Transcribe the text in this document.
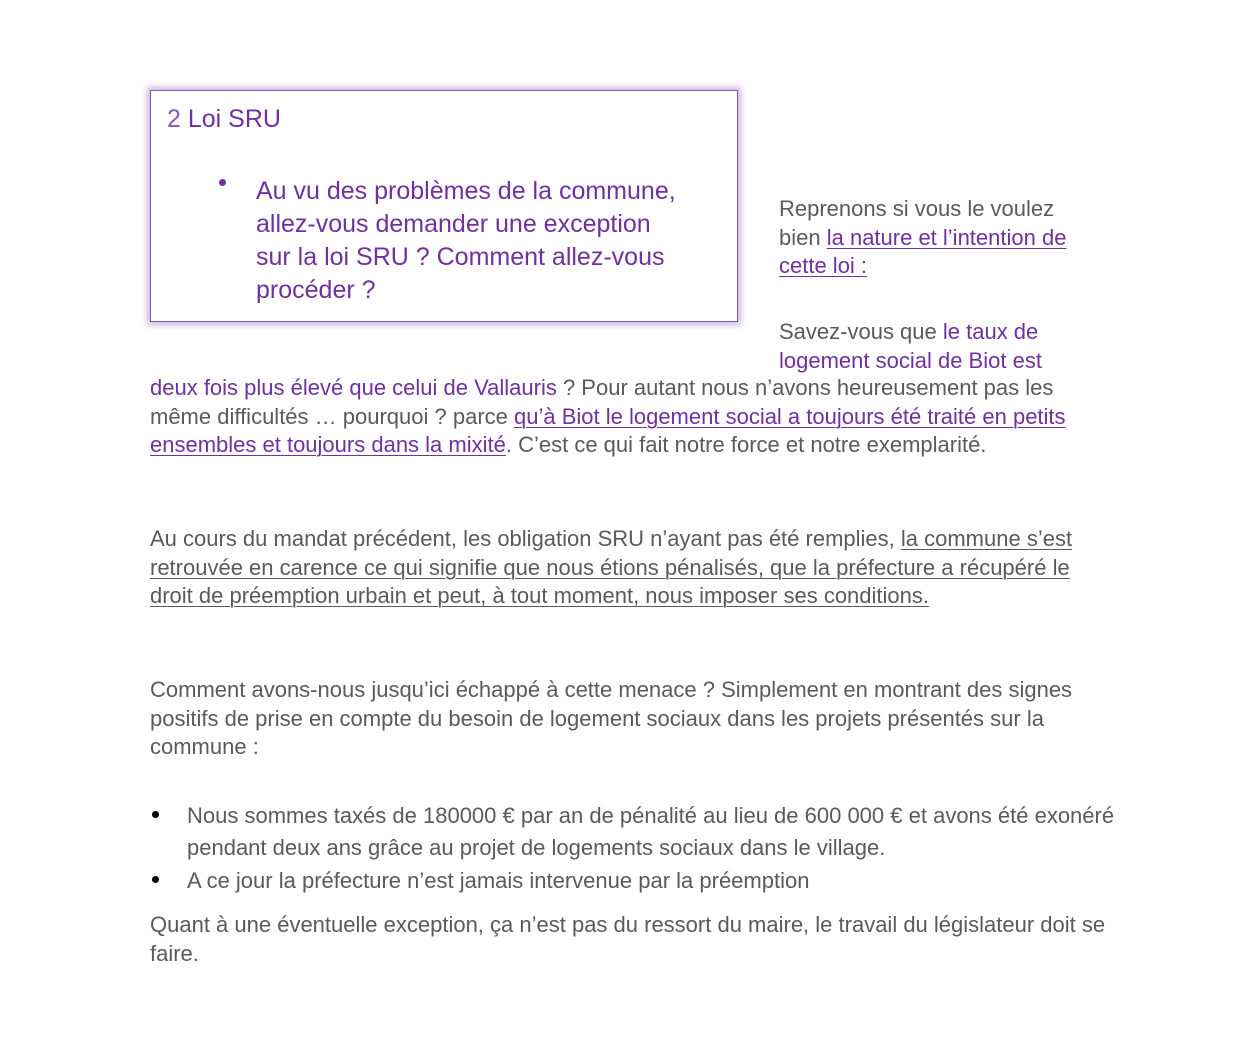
2 Loi SRU
Au vu des problèmes de la commune, allez-vous demander une exception sur la loi SRU ? Comment allez-vous procéder ?
Reprenons si vous le voulez bien la nature et l’intention de cette loi :
Savez-vous que le taux de logement social de Biot est
deux fois plus élevé que celui de Vallauris ? Pour autant nous n’avons heureusement pas les même difficultés … pourquoi ? parce qu’à Biot le logement social a toujours été traité en petits ensembles et toujours dans la mixité. C’est ce qui fait notre force et notre exemplarité.
Au cours du mandat précédent, les obligation SRU n’ayant pas été remplies, la commune s’est retrouvée en carence ce qui signifie que nous étions pénalisés, que la préfecture a récupéré le droit de préemption urbain et peut, à tout moment, nous imposer ses conditions.
Comment avons-nous jusqu’ici échappé à cette menace ? Simplement en montrant des signes positifs de prise en compte du besoin de logement sociaux dans les projets présentés sur la commune :
Nous sommes taxés de 180000 € par an de pénalité au lieu de 600 000 € et avons été exonéré pendant deux ans grâce au projet de logements sociaux dans le village.
A ce jour la préfecture n’est jamais intervenue par la préemption
Quant à une éventuelle exception, ça n’est pas du ressort du maire, le travail du législateur doit se faire.
